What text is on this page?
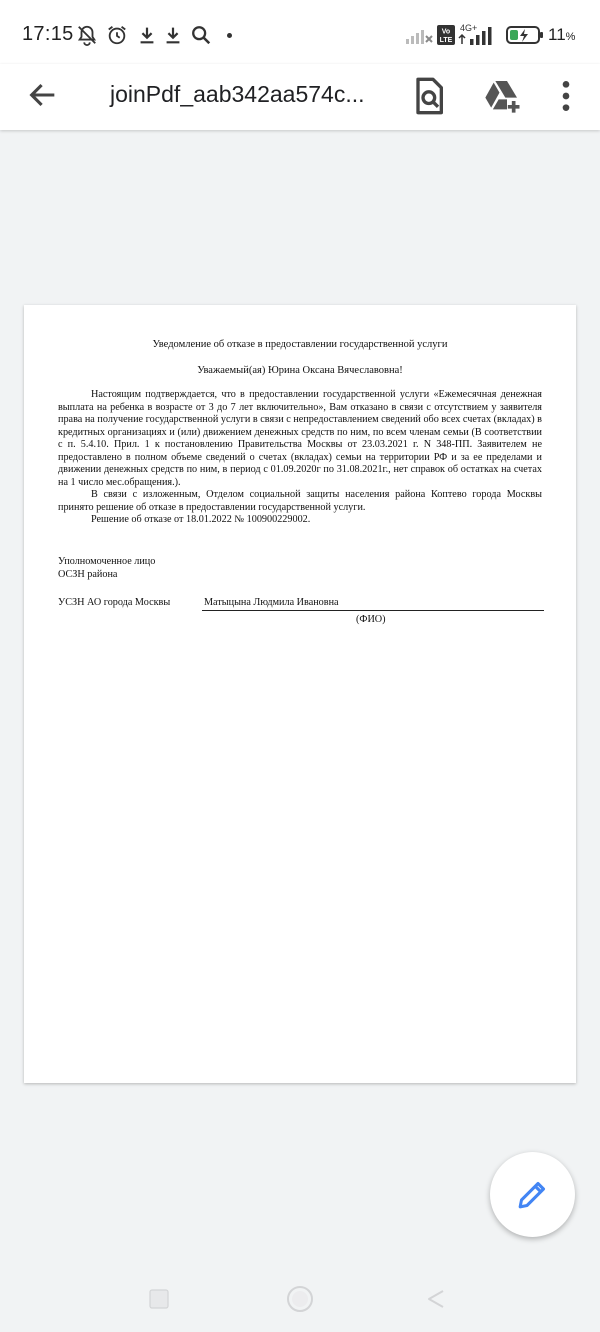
17:15	Vo
LTE
4G+	11%
joinPdf_aab342aa574c...
Уведомление об отказе в предоставлении государственной услуги
Уважаемый(ая) Юрина Оксана Вячеславовна!

Настоящим подтверждается, что в предоставлении государственной услуги «Ежемесячная денежная выплата на ребенка в возрасте от 3 до 7 лет включительно», Вам отказано в связи с отсутствием у заявителя права на получение государственной услуги в связи с непредоставлением сведений обо всех счетах (вкладах) в кредитных организациях и (или) движением денежных средств по ним, по всем членам семьи (В соответствии с п. 5.4.10. Прил. 1 к постановлению Правительства Москвы от 23.03.2021 г. N 348-ПП. Заявителем не предоставлено в полном объеме сведений о счетах (вкладах) семьи на территории РФ и за ее пределами и движении денежных средств по ним, в период с 01.09.2020г по 31.08.2021г., нет справок об остатках на счетах на 1 число мес.обращения.).

В связи с изложенным, Отделом социальной защиты населения района Коптево города Москвы принято решение об отказе в предоставлении государственной услуги.

Решение об отказе от 18.01.2022 № 100900229002.

Уполномоченное лицо
ОСЗН района
УСЗН АО города Москвы	Матыцына Людмила Ивановна
(ФИО)
